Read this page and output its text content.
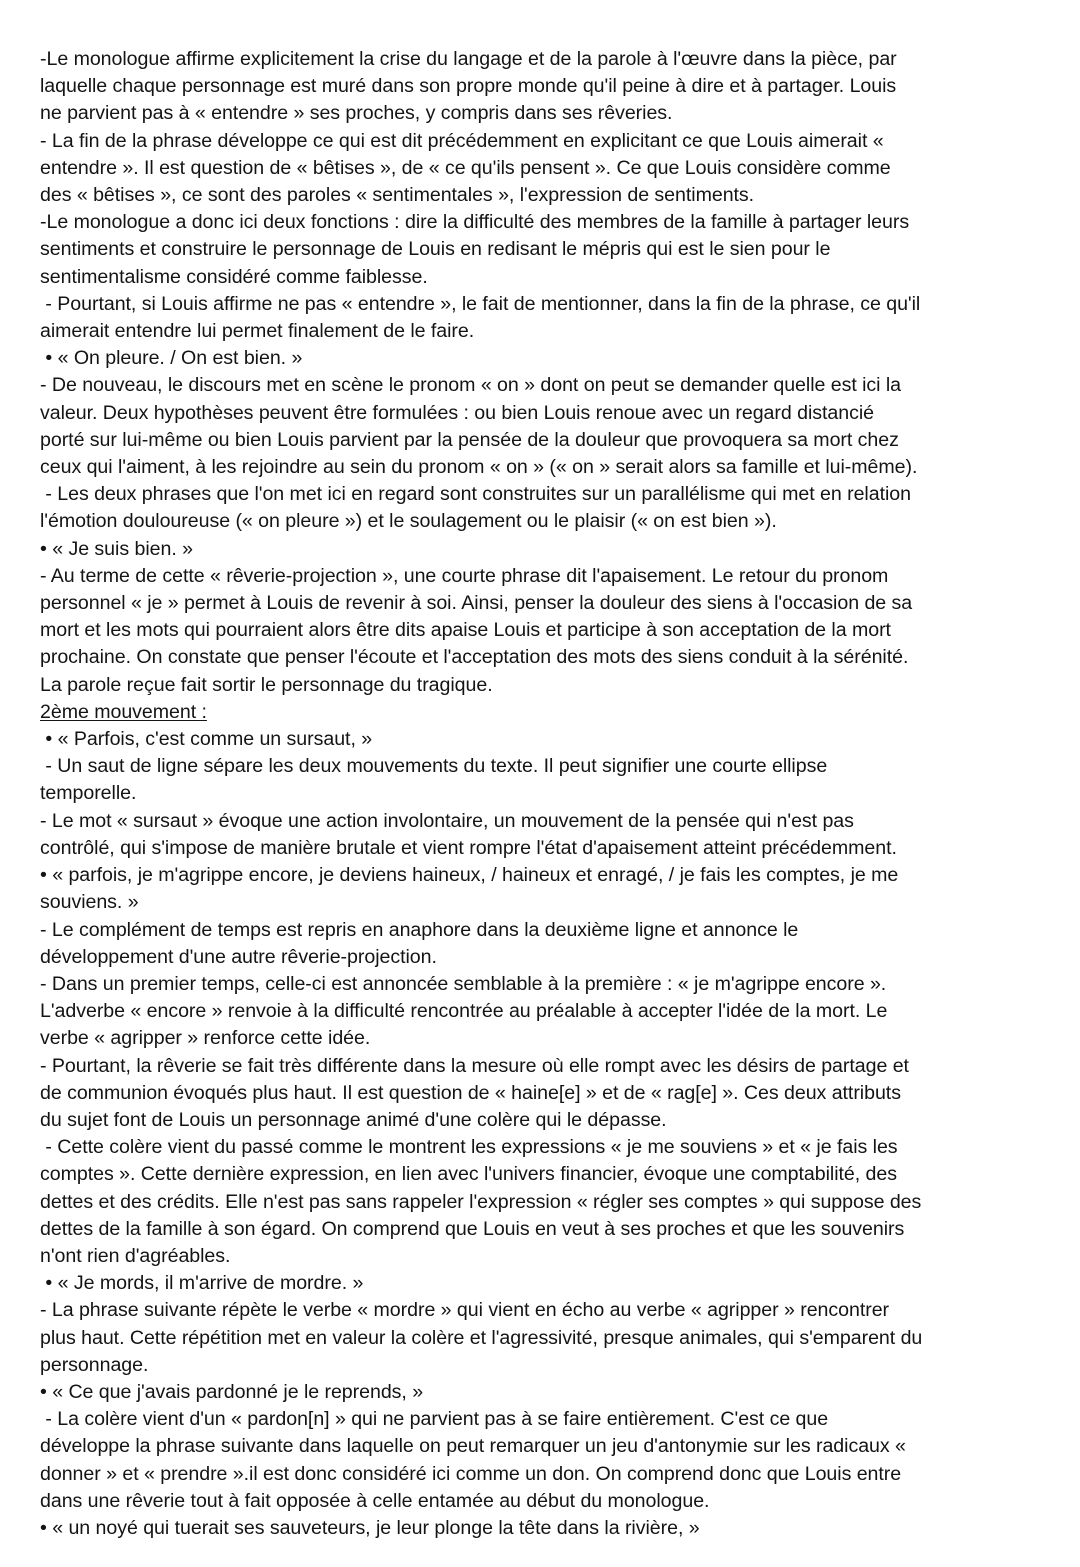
-Le monologue affirme explicitement la crise du langage et de la parole à l'œuvre dans la pièce, par

laquelle chaque personnage est muré dans son propre monde qu'il peine à dire et à partager. Louis

ne parvient pas à « entendre » ses proches, y compris dans ses rêveries.

- La fin de la phrase développe ce qui est dit précédemment en explicitant ce que Louis aimerait «

entendre ». Il est question de « bêtises », de « ce qu'ils pensent ». Ce que Louis considère comme

des « bêtises », ce sont des paroles « sentimentales », l'expression de sentiments.

-Le monologue a donc ici deux fonctions : dire la difficulté des membres de la famille à partager leurs

sentiments et construire le personnage de Louis en redisant le mépris qui est le sien pour le

sentimentalisme considéré comme faiblesse.

- Pourtant, si Louis affirme ne pas « entendre », le fait de mentionner, dans la fin de la phrase, ce qu'il

aimerait entendre lui permet finalement de le faire.

• « On pleure. / On est bien. »

- De nouveau, le discours met en scène le pronom « on » dont on peut se demander quelle est ici la

valeur. Deux hypothèses peuvent être formulées : ou bien Louis renoue avec un regard distancié

porté sur lui-même ou bien Louis parvient par la pensée de la douleur que provoquera sa mort chez

ceux qui l'aiment, à les rejoindre au sein du pronom « on » (« on » serait alors sa famille et lui-même).

- Les deux phrases que l'on met ici en regard sont construites sur un parallélisme qui met en relation

l'émotion douloureuse (« on pleure ») et le soulagement ou le plaisir (« on est bien »).

• « Je suis bien. »

- Au terme de cette « rêverie-projection », une courte phrase dit l'apaisement. Le retour du pronom

personnel « je » permet à Louis de revenir à soi. Ainsi, penser la douleur des siens à l'occasion de sa

mort et les mots qui pourraient alors être dits apaise Louis et participe à son acceptation de la mort

prochaine. On constate que penser l'écoute et l'acceptation des mots des siens conduit à la sérénité.

La parole reçue fait sortir le personnage du tragique.

2ème mouvement :

• « Parfois, c'est comme un sursaut, »

- Un saut de ligne sépare les deux mouvements du texte. Il peut signifier une courte ellipse

temporelle.

- Le mot « sursaut » évoque une action involontaire, un mouvement de la pensée qui n'est pas

contrôlé, qui s'impose de manière brutale et vient rompre l'état d'apaisement atteint précédemment.

• « parfois, je m'agrippe encore, je deviens haineux, / haineux et enragé, / je fais les comptes, je me

souviens. »

- Le complément de temps est repris en anaphore dans la deuxième ligne et annonce le

développement d'une autre rêverie-projection.

- Dans un premier temps, celle-ci est annoncée semblable à la première : « je m'agrippe encore ».

L'adverbe « encore » renvoie à la difficulté rencontrée au préalable à accepter l'idée de la mort. Le

verbe « agripper » renforce cette idée.

- Pourtant, la rêverie se fait très différente dans la mesure où elle rompt avec les désirs de partage et

de communion évoqués plus haut. Il est question de « haine[e] » et de « rag[e] ». Ces deux attributs

du sujet font de Louis un personnage animé d'une colère qui le dépasse.

- Cette colère vient du passé comme le montrent les expressions « je me souviens » et « je fais les

comptes ». Cette dernière expression, en lien avec l'univers financier, évoque une comptabilité, des

dettes et des crédits. Elle n'est pas sans rappeler l'expression « régler ses comptes » qui suppose des

dettes de la famille à son égard. On comprend que Louis en veut à ses proches et que les souvenirs

n'ont rien d'agréables.

• « Je mords, il m'arrive de mordre. »

- La phrase suivante répète le verbe « mordre » qui vient en écho au verbe « agripper » rencontrer

plus haut. Cette répétition met en valeur la colère et l'agressivité, presque animales, qui s'emparent du

personnage.

• « Ce que j'avais pardonné je le reprends, »

- La colère vient d'un « pardon[n] » qui ne parvient pas à se faire entièrement. C'est ce que

développe la phrase suivante dans laquelle on peut remarquer un jeu d'antonymie sur les radicaux «

donner » et « prendre ».il est donc considéré ici comme un don. On comprend donc que Louis entre

dans une rêverie tout à fait opposée à celle entamée au début du monologue.

• « un noyé qui tuerait ses sauveteurs, je leur plonge la tête dans la rivière, »
